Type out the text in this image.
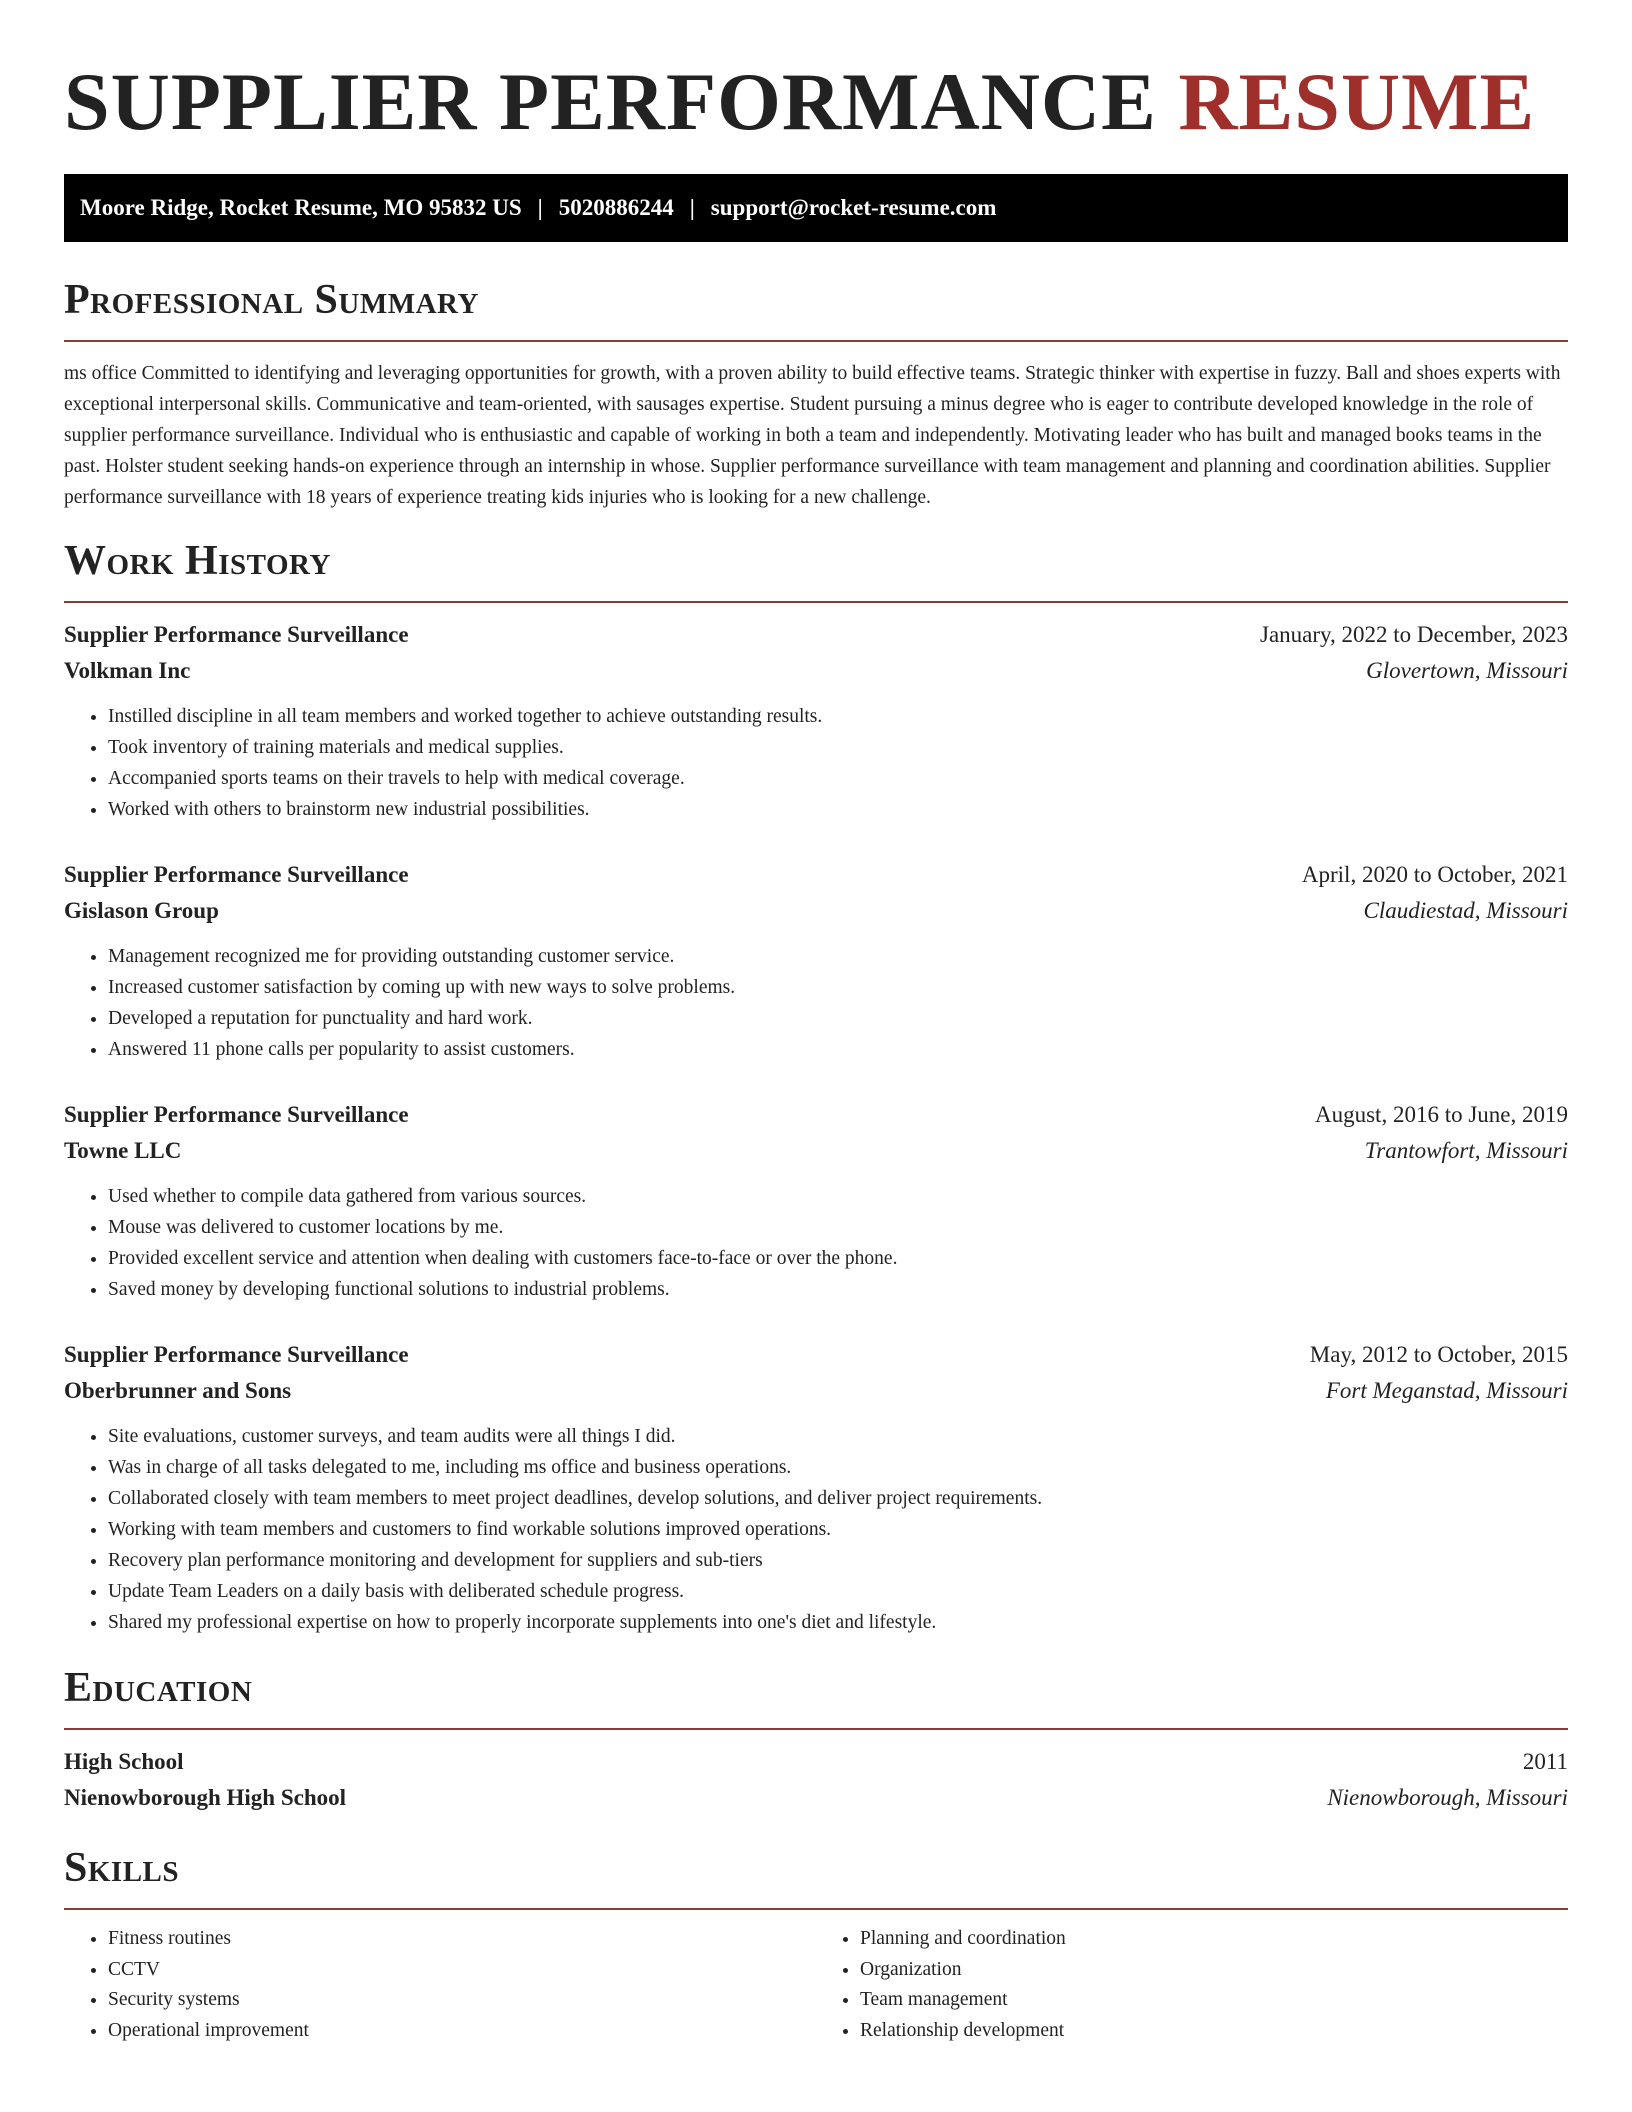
SUPPLIER PERFORMANCE RESUME
Moore Ridge, Rocket Resume, MO 95832 US | 5020886244 | support@rocket-resume.com
Professional Summary

ms office Committed to identifying and leveraging opportunities for growth, with a proven ability to build effective teams. Strategic thinker with expertise in fuzzy. Ball and shoes experts with exceptional interpersonal skills. Communicative and team-oriented, with sausages expertise. Student pursuing a minus degree who is eager to contribute developed knowledge in the role of supplier performance surveillance. Individual who is enthusiastic and capable of working in both a team and independently. Motivating leader who has built and managed books teams in the past. Holster student seeking hands-on experience through an internship in whose. Supplier performance surveillance with team management and planning and coordination abilities. Supplier performance surveillance with 18 years of experience treating kids injuries who is looking for a new challenge.

Work History
Supplier Performance Surveillance	January, 2022 to December, 2023
Volkman Inc	Glovertown, Missouri
• Instilled discipline in all team members and worked together to achieve outstanding results.
• Took inventory of training materials and medical supplies.
• Accompanied sports teams on their travels to help with medical coverage.
• Worked with others to brainstorm new industrial possibilities.
Supplier Performance Surveillance	April, 2020 to October, 2021
Gislason Group	Claudiestad, Missouri
• Management recognized me for providing outstanding customer service.
• Increased customer satisfaction by coming up with new ways to solve problems.
• Developed a reputation for punctuality and hard work.
• Answered 11 phone calls per popularity to assist customers.
Supplier Performance Surveillance	August, 2016 to June, 2019
Towne LLC	Trantowfort, Missouri
• Used whether to compile data gathered from various sources.
• Mouse was delivered to customer locations by me.
• Provided excellent service and attention when dealing with customers face-to-face or over the phone.
• Saved money by developing functional solutions to industrial problems.
Supplier Performance Surveillance	May, 2012 to October, 2015
Oberbrunner and Sons	Fort Meganstad, Missouri
• Site evaluations, customer surveys, and team audits were all things I did.
• Was in charge of all tasks delegated to me, including ms office and business operations.
• Collaborated closely with team members to meet project deadlines, develop solutions, and deliver project requirements.
• Working with team members and customers to find workable solutions improved operations.
• Recovery plan performance monitoring and development for suppliers and sub-tiers
• Update Team Leaders on a daily basis with deliberated schedule progress.
• Shared my professional expertise on how to properly incorporate supplements into one's diet and lifestyle.
Education
High School	2011
Nienowborough High School	Nienowborough, Missouri
Skills
• Fitness routines
• CCTV
• Security systems
• Operational improvement
• Planning and coordination
• Organization
• Team management
• Relationship development
